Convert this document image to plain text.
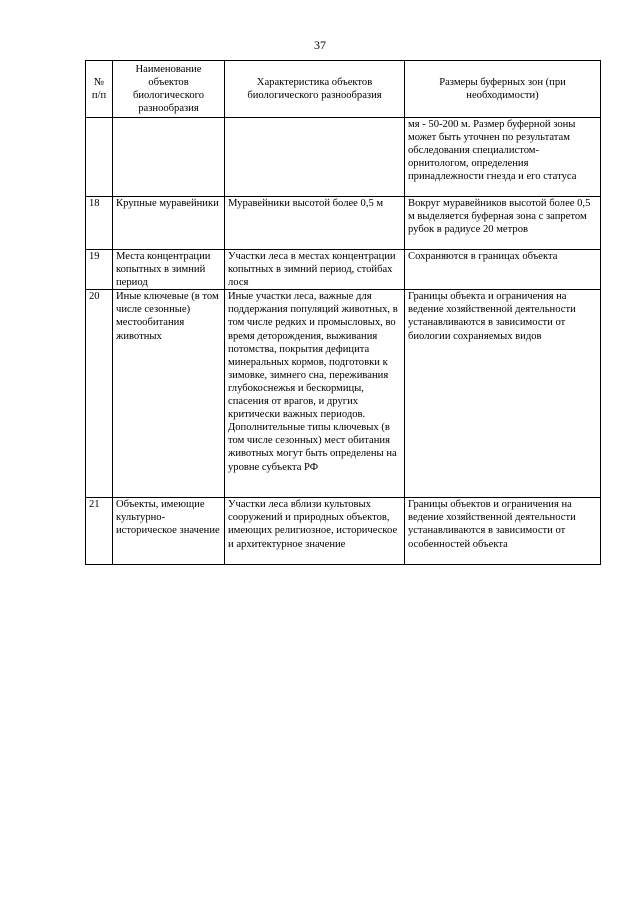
37
№ п/п	Наименование объектов биологического разнообразия	Характеристика объектов биологического разнообразия	Размеры буферных зон (при необходимости)
			мя - 50-200 м. Размер буферной зоны может быть уточнен по результатам обследования специалистом- орнитологом, определения принадлежности гнезда и его статуса
18	Крупные муравейники	Муравейники высотой более 0,5 м	Вокруг муравейников высотой более 0,5 м выделяется буферная зона с запретом рубок в радиусе 20 метров
19	Места концентрации копытных в зимний период	Участки леса в местах концентрации копытных в зимний период, стойбах лося	Сохраняются в границах объекта
20	Иные ключевые (в том числе сезонные) местообитания животных	Иные участки леса, важные для поддержания популяций животных, в том числе редких и промысловых, во время деторождения, выживания потомства, покрытия дефицита минеральных кормов, подготовки к зимовке, зимнего сна, переживания глубокоснежья и бескормицы, спасения от врагов, и других критически важных периодов. Дополнительные типы ключевых (в том числе сезонных) мест обитания животных могут быть определены на уровне субъекта РФ	Границы объекта и ограничения на ведение хозяйственной деятельности устанавливаются в зависимости от биологии сохраняемых видов
21	Объекты, имеющие культурно-историческое значение	Участки леса вблизи культовых сооружений и природных объектов, имеющих религиозное, историческое и архитектурное значение	Границы объектов и ограничения на ведение хозяйственной деятельности устанавливаются в зависимости от особенностей объекта
